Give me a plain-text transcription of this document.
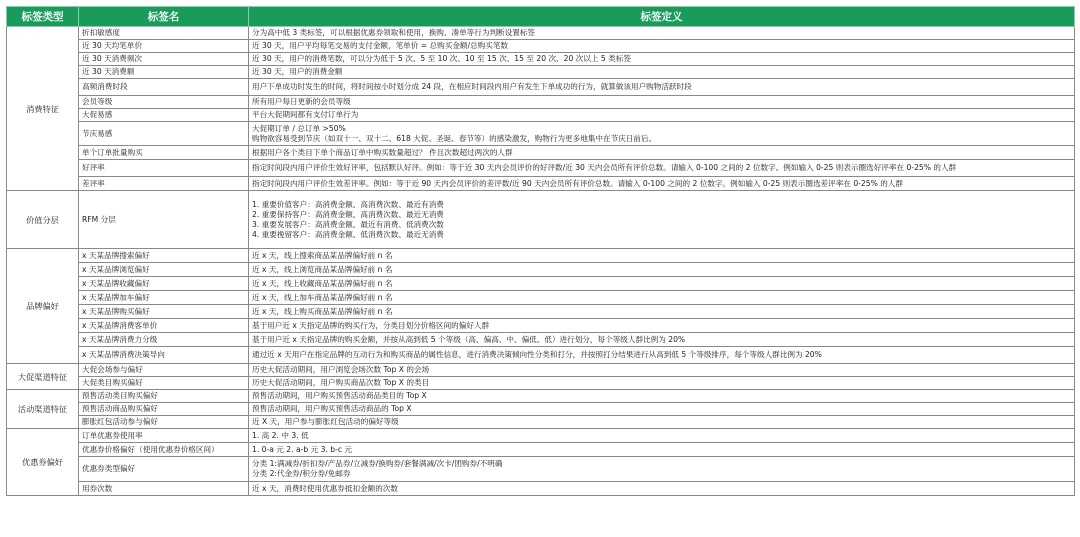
标签类型	标签名	标签定义
消费特征	折扣敏感度	分为高中低 3 类标签，可以根据优惠券领取和使用，换购、凑单等行为判断设置标签

	近 30 天均笔单价	近 30 天，用户平均每笔交易的支付金额，笔单价 = 总购买金额/总购买笔数

	近 30 天消费频次	近 30 天，用户的消费笔数，可以分为低于 5 次、5 至 10 次、10 至 15 次、15 至 20 次、20 次以上 5 类标签

	近 30 天消费额	近 30 天，用户的消费金额

	高频消费时段	用户下单成功时发生的时间，将时间按小时划分成 24 段，在相应时间段内用户有发生下单成功的行为，就算做该用户购物活跃时段

	会员等级	所有用户每日更新的会员等级

	大促易感	平台大促期间都有支付订单行为

	节庆易感	大促期订单 / 总订单 >50%
购物欲容易受到节庆（如双十一、双十二、618 大促、圣诞、春节等）的感染激发，购物行为更多地集中在节庆日前后。

	单个订单批量购买	根据用户各个类目下单个商品订单中购买数量超过？ 件且次数超过两次的人群

	好评率	指定时间段内用户评价生效好评率，包括默认好评。例如：等于近 30 天内会员评价的好评数/近 30 天内会员所有评价总数。请输入 0-100 之间的 2 位数字。例如输入 0-25 则表示圈选好评率在 0-25% 的人群

	差评率	指定时间段内用户评价生效差评率。例如：等于近 90 天内会员评价的差评数/近 90 天内会员所有评价总数。请输入 0-100 之间的 2 位数字。例如输入 0-25 则表示圈选差评率在 0-25% 的人群

价值分层	RFM 分层	1. 重要价值客户：高消费金额、高消费次数、最近有消费
2. 重要保持客户：高消费金额、高消费次数、最近无消费
3. 重要发展客户：高消费金额、最近有消费、低消费次数
4. 重要挽留客户：高消费金额、低消费次数、最近无消费

品牌偏好	x 天某品牌搜索偏好	近 x 天，线上搜索商品某品牌偏好前 n 名

	x 天某品牌浏览偏好	近 x 天，线上浏览商品某品牌偏好前 n 名

	x 天某品牌收藏偏好	近 x 天，线上收藏商品某品牌偏好前 n 名

	x 天某品牌加车偏好	近 x 天，线上加车商品某品牌偏好前 n 名

	x 天某品牌购买偏好	近 x 天，线上购买商品某品牌偏好前 n 名

	x 天某品牌消费客单价	基于用户近 x 天指定品牌的购买行为，分类目划分价格区间的偏好人群

	x 天某品牌消费力分级	基于用户近 x 天指定品牌的购买金额，并按从高到低 5 个等级（高、偏高、中、偏低、低）进行划分，每个等级人群比例为 20%

	x 天某品牌消费决策导向	通过近 x 天用户在指定品牌的互动行为和购买商品的属性信息，进行消费决策倾向性分类和打分，并按照打分结果进行从高到低 5 个等级排序，每个等级人群比例为 20%

大促渠道特征	大促会场参与偏好	历史大促活动期间，用户浏览会场次数 Top X 的会场

	大促类目购买偏好	历史大促活动期间，用户购买商品次数 Top X 的类目

活动渠道特征	预售活动类目购买偏好	预售活动期间，用户购买预售活动商品类目的 Top X

	预售活动商品购买偏好	预售活动期间，用户购买预售活动商品的 Top X

	膨胀红包活动参与偏好	近 X 天，用户参与膨胀红包活动的偏好等级

优惠券偏好	订单优惠券使用率	1. 高 2. 中 3. 低

	优惠券价格偏好（使用优惠券价格区间）	1. 0-a 元 2. a-b 元 3. b-c 元

	优惠券类型偏好	分类 1:满减券/折扣券/产品券/立减券/换购券/套餐满减/次卡/团购券/不明确
分类 2:代金券/积分券/免邮券

	用券次数	近 x 天，消费时使用优惠券抵扣金额的次数
